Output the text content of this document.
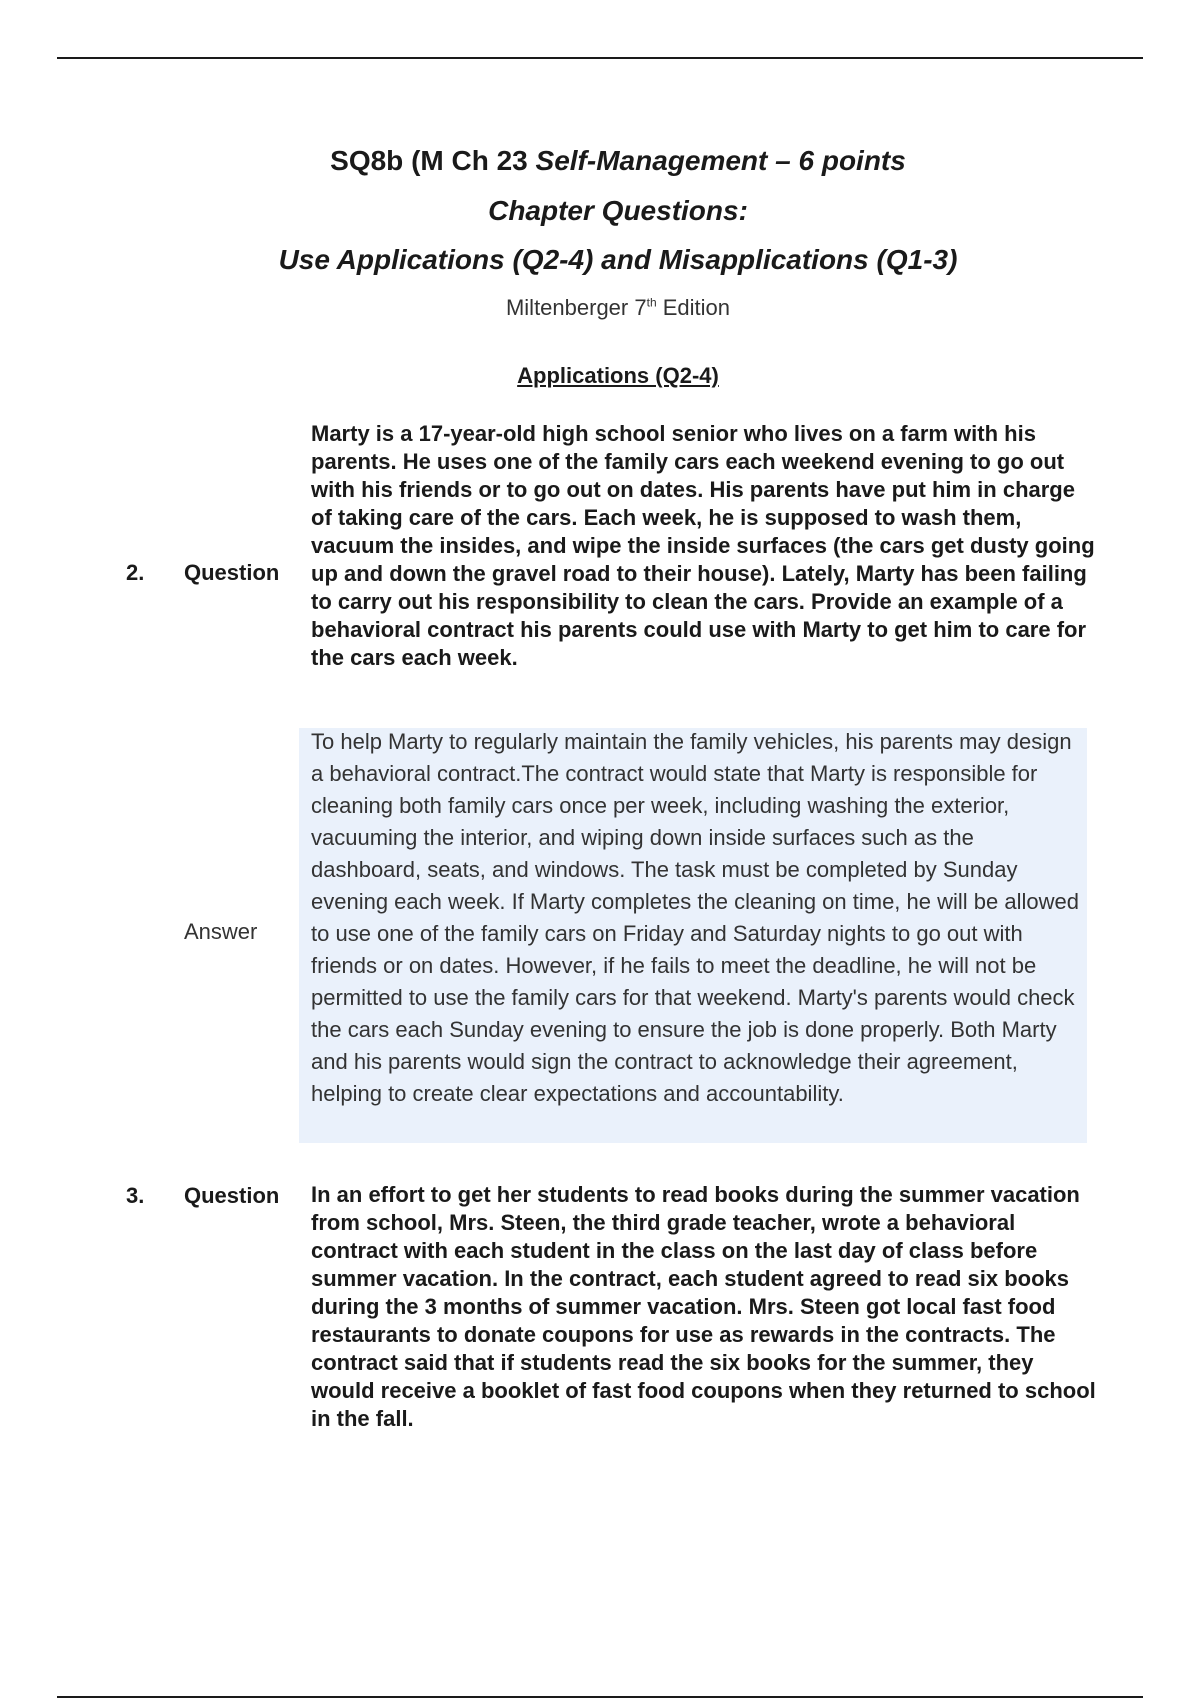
SQ8b (M Ch 23 Self-Management – 6 points
Chapter Questions:
Use Applications (Q2-4) and Misapplications (Q1-3)
Miltenberger 7th Edition
Applications (Q2-4)
2. Question

Marty is a 17-year-old high school senior who lives on a farm with his parents. He uses one of the family cars each weekend evening to go out with his friends or to go out on dates. His parents have put him in charge of taking care of the cars. Each week, he is supposed to wash them, vacuum the insides, and wipe the inside surfaces (the cars get dusty going up and down the gravel road to their house). Lately, Marty has been failing to carry out his responsibility to clean the cars. Provide an example of a behavioral contract his parents could use with Marty to get him to care for the cars each week.

Answer

To help Marty to regularly maintain the family vehicles, his parents may design a behavioral contract.The contract would state that Marty is responsible for cleaning both family cars once per week, including washing the exterior, vacuuming the interior, and wiping down inside surfaces such as the dashboard, seats, and windows. The task must be completed by Sunday evening each week. If Marty completes the cleaning on time, he will be allowed to use one of the family cars on Friday and Saturday nights to go out with friends or on dates. However, if he fails to meet the deadline, he will not be permitted to use the family cars for that weekend. Marty's parents would check the cars each Sunday evening to ensure the job is done properly. Both Marty and his parents would sign the contract to acknowledge their agreement, helping to create clear expectations and accountability.

3. Question In an effort to get her students to read books during the summer vacation from school, Mrs. Steen, the third grade teacher, wrote a behavioral contract with each student in the class on the last day of class before summer vacation. In the contract, each student agreed to read six books during the 3 months of summer vacation. Mrs. Steen got local fast food restaurants to donate coupons for use as rewards in the contracts. The contract said that if students read the six books for the summer, they would receive a booklet of fast food coupons when they returned to school in the fall.
